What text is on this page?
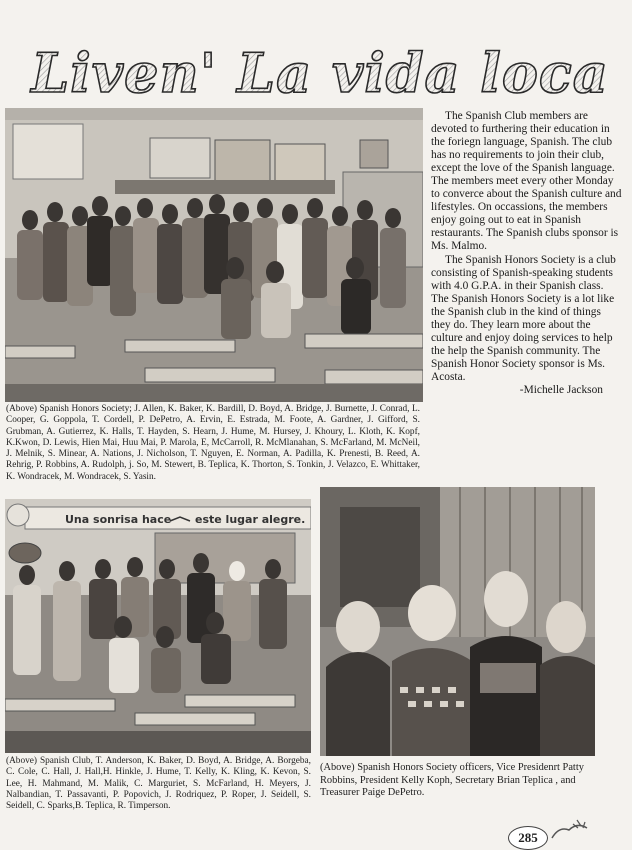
Liven' La vida loca
(Above) Spanish Honors Society; J. Allen, K. Baker, K. Bardill, D. Boyd, A. Bridge, J. Burnette, J. Conrad, L. Cooper, G. Goppola, T. Cordell, P. DePetro, A. Ervin, E. Estrada, M. Foote, A. Gardner, J. Gifford, S. Grubman, A. Gutierrez, K. Halls, T. Hayden, S. Hearn, J. Hume, M. Hursey, J. Khoury, L. Kloth, K. Kopf, K.Kwon, D. Lewis, Hien Mai, Huu Mai, P. Marola, E, McCarroll, R. McMlanahan, S. McFarland, M. McNeil, J. Melnik, S. Minear, A. Nations, J. Nicholson, T. Nguyen, E. Norman, A. Padilla, K. Prenesti, B. Reed, A. Rehrig, P. Robbins, A. Rudolph, j. So, M. Stewert, B. Teplica, K. Thorton, S. Tonkin, J. Velazco, E. Whittaker, K. Wondracek, M. Wondracek, S. Yasin.

The Spanish Club members are devoted to furthering their education in the foriegn language, Spanish. The club has no requirements to join their club, except the love of the Spanish language. The members meet every other Monday to converce about the Spanish culture and lifestyles. On occassions, the members enjoy going out to eat in Spanish restaurants. The Spanish clubs sponsor is Ms. Malmo.

The Spanish Honors Society is a club consisting of Spanish-speaking students with 4.0 G.P.A. in their Spanish class. The Spanish Honors Society is a lot like the Spanish club in the kind of things they do. They learn more about the culture and enjoy doing services to help the help the Spanish community. The Spanish Honor Society sponsor is Ms. Acosta.

-Michelle Jackson

Una sonrisa hace este lugar alegre.
(Above) Spanish Club, T. Anderson, K. Baker, D. Boyd, A. Bridge, A. Borgeba, C. Cole, C. Hall, J. Hall,H. Hinkle, J. Hume, T. Kelly, K. Kling, K. Kevon, S. Lee, H. Mahmand, M. Malik, C. Marguriet, S. McFarland, H. Meyers, J. Nalbandian, T. Passavanti, P. Popovich, J. Rodriquez, P. Roper, J. Seidell, S. Seidell, C. Sparks,B. Teplica, R. Timperson.
(Above) Spanish Honors Society officers, Vice Presidenrt Patty Robbins, President Kelly Koph, Secretary Brian Teplica , and Treasurer Paige DePetro.
285
